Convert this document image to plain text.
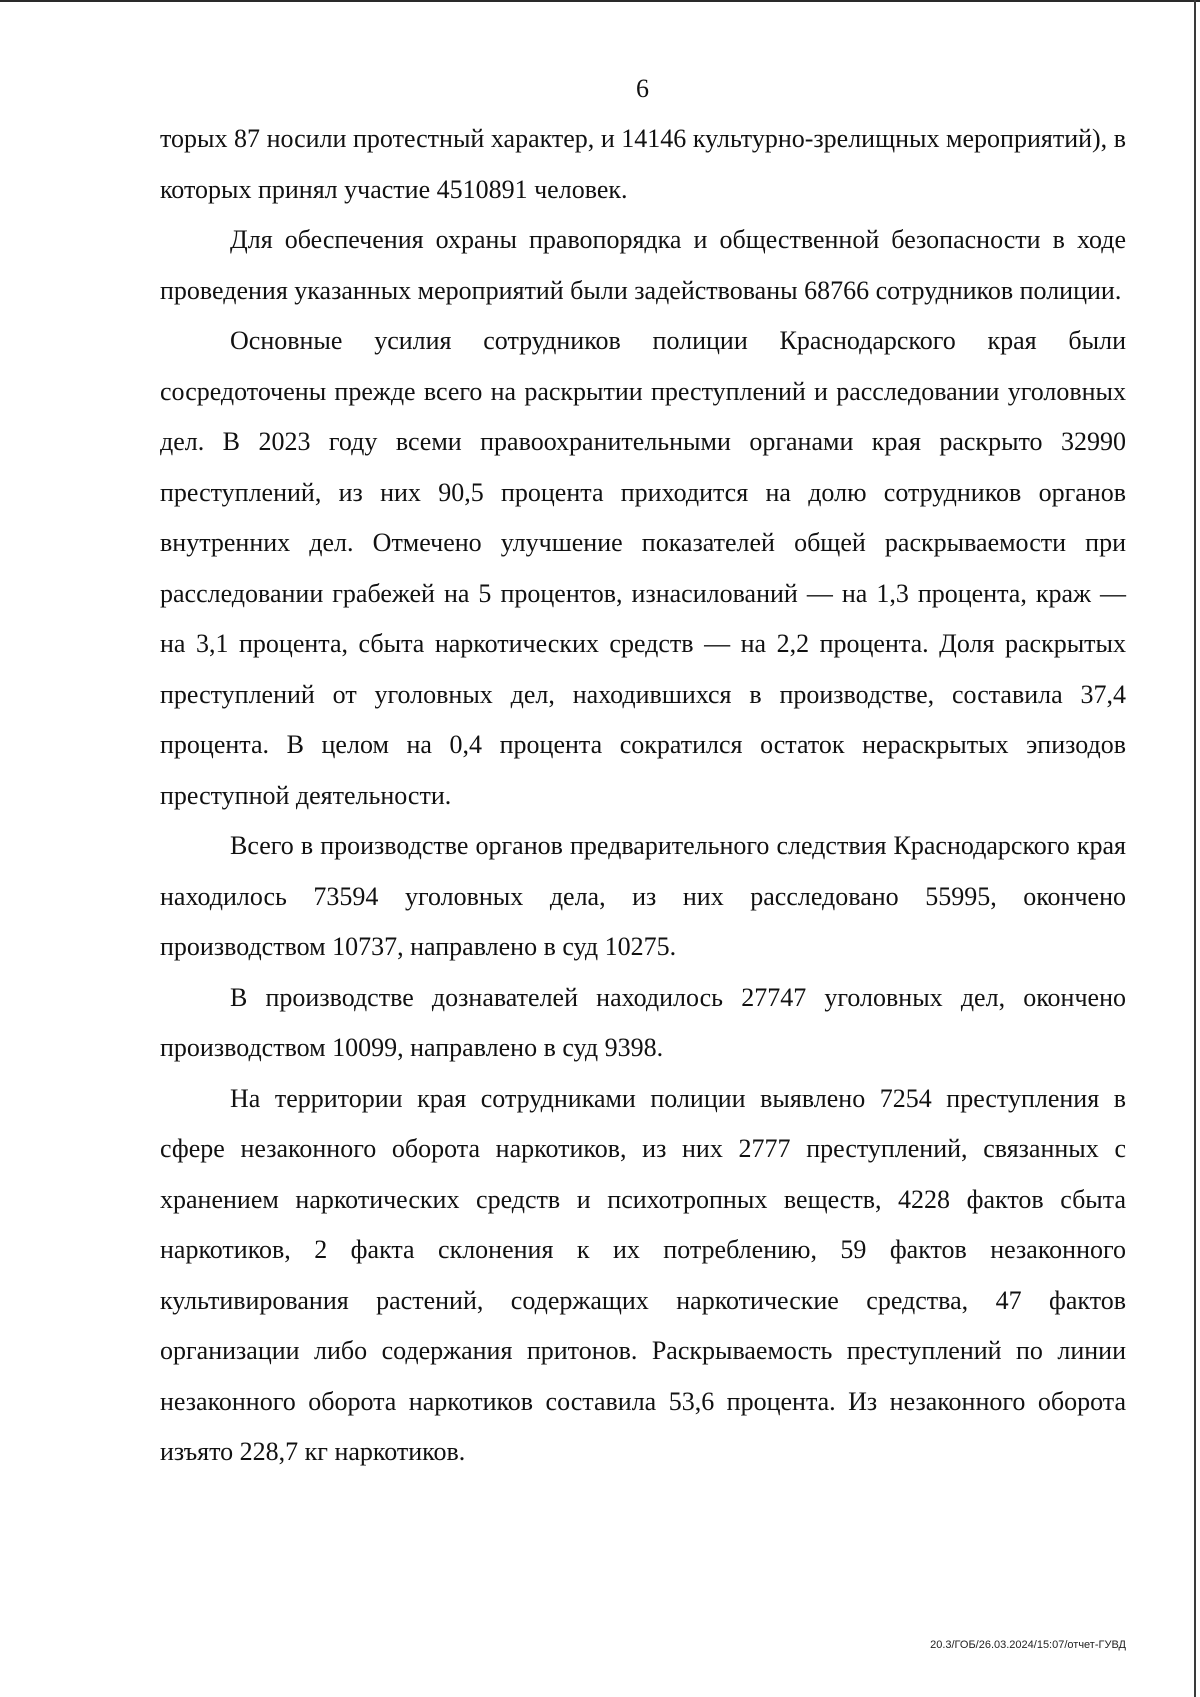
6

торых 87 носили протестный характер, и 14146 культурно-зрелищных мероприятий), в которых принял участие 4510891 человек.

Для обеспечения охраны правопорядка и общественной безопасности в ходе проведения указанных мероприятий были задействованы 68766 сотрудников полиции.

Основные усилия сотрудников полиции Краснодарского края были сосредоточены прежде всего на раскрытии преступлений и расследовании уголовных дел. В 2023 году всеми правоохранительными органами края раскрыто 32990 преступлений, из них 90,5 процента приходится на долю сотрудников органов внутренних дел. Отмечено улучшение показателей общей раскрываемости при расследовании грабежей на 5 процентов, изнасилований — на 1,3 процента, краж — на 3,1 процента, сбыта наркотических средств — на 2,2 процента. Доля раскрытых преступлений от уголовных дел, находившихся в производстве, составила 37,4 процента. В целом на 0,4 процента сократился остаток нераскрытых эпизодов преступной деятельности.

Всего в производстве органов предварительного следствия Краснодарского края находилось 73594 уголовных дела, из них расследовано 55995, окончено производством 10737, направлено в суд 10275.

В производстве дознавателей находилось 27747 уголовных дел, окончено производством 10099, направлено в суд 9398.

На территории края сотрудниками полиции выявлено 7254 преступления в сфере незаконного оборота наркотиков, из них 2777 преступлений, связанных с хранением наркотических средств и психотропных веществ, 4228 фактов сбыта наркотиков, 2 факта склонения к их потреблению, 59 фактов незаконного культивирования растений, содержащих наркотические средства, 47 фактов организации либо содержания притонов. Раскрываемость преступлений по линии незаконного оборота наркотиков составила 53,6 процента. Из незаконного оборота изъято 228,7 кг наркотиков.

20.3/ГОБ/26.03.2024/15:07/отчет-ГУВД
